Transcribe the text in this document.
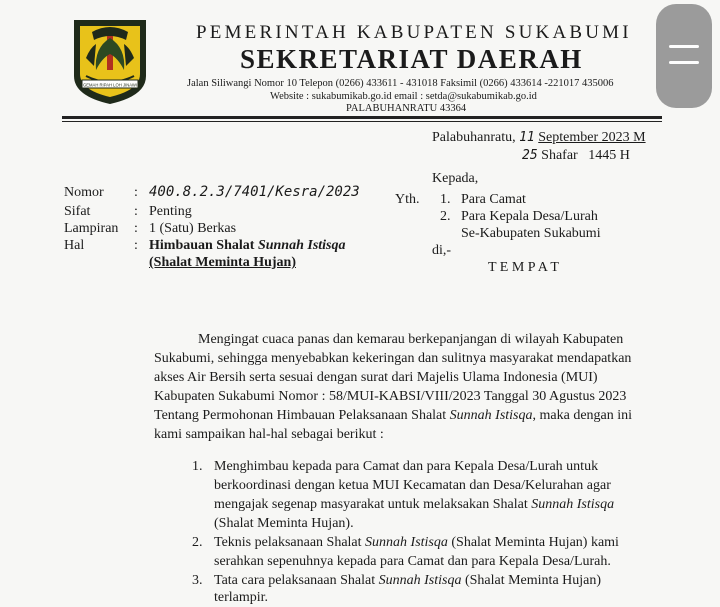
GEMAH RIPAH LOH JINAWI
PEMERINTAH KABUPATEN SUKABUMI
SEKRETARIAT DAERAH
Jalan Siliwangi Nomor 10 Telepon (0266) 433611 - 431018 Faksimil (0266) 433614 -221017 435006
Website : sukabumikab.go.id email : setda@sukabumikab.go.id
PALABUHANRATU 43364
Palabuhanratu, 11 September 2023 M
25 Shafar   1445 H
Nomor : 400.8.2.3/7401/Kesra/2023
Sifat	: Penting
Lampiran : 1 (Satu) Berkas
Hal	: Himbauan Shalat Sunnah Istisqa
(Shalat Meminta Hujan)
Kepada,
Yth. 1. Para Camat
2. Para Kepala Desa/Lurah
Se-Kabupaten Sukabumi
di,-
T E M P A T
Mengingat cuaca panas dan kemarau berkepanjangan di wilayah Kabupaten
Sukabumi, sehingga menyebabkan kekeringan dan sulitnya masyarakat mendapatkan
akses Air Bersih serta sesuai dengan surat dari Majelis Ulama Indonesia (MUI)
Kabupaten Sukabumi Nomor : 58/MUI-KABSI/VIII/2023 Tanggal 30 Agustus 2023
Tentang Permohonan Himbauan Pelaksanaan Shalat Sunnah Istisqa, maka dengan ini
kami sampaikan hal-hal sebagai berikut :
1. Menghimbau kepada para Camat dan para Kepala Desa/Lurah untuk
berkoordinasi dengan ketua MUI Kecamatan dan Desa/Kelurahan agar
mengajak segenap masyarakat untuk melaksakan Shalat Sunnah Istisqa
(Shalat Meminta Hujan).
2. Teknis pelaksanaan Shalat Sunnah Istisqa (Shalat Meminta Hujan) kami
serahkan sepenuhnya kepada para Camat dan para Kepala Desa/Lurah.
3. Tata cara pelaksanaan Shalat Sunnah Istisqa (Shalat Meminta Hujan)
terlampir.
